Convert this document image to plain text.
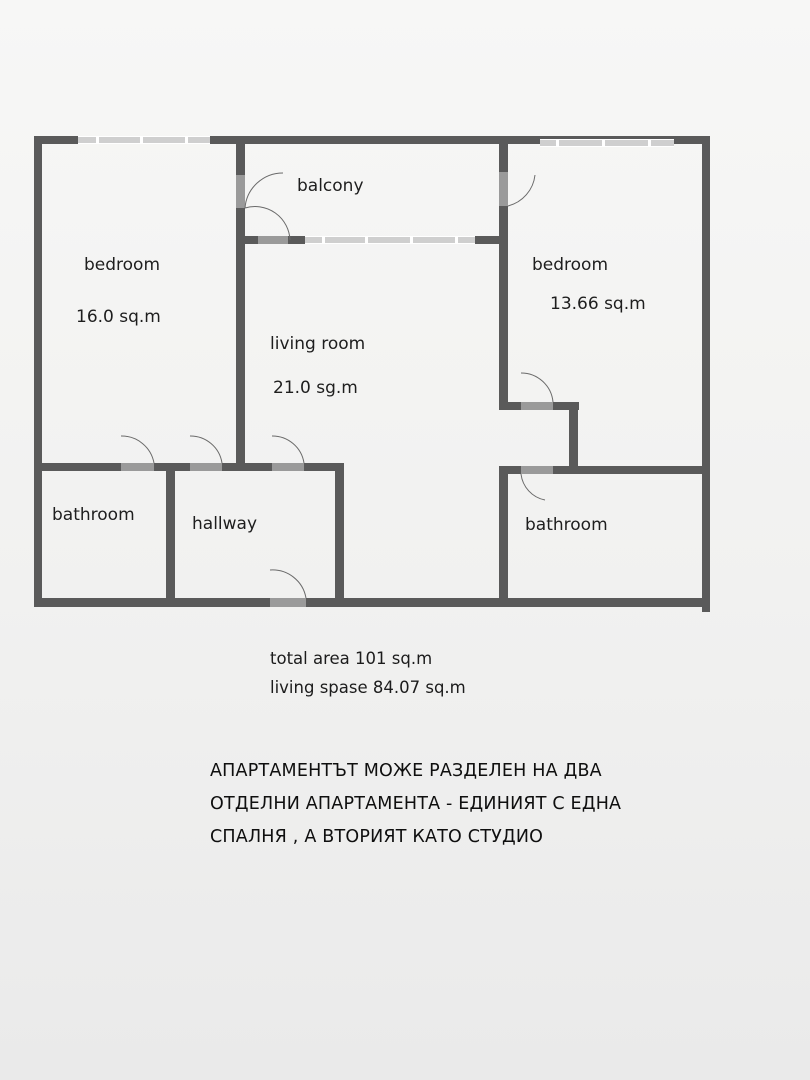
bedroom
16.0 sq.m
balcony
living room
21.0 sg.m
bedroom
13.66 sq.m
bathroom	hallway	bathroom
total area 101 sq.m
living spase 84.07 sq.m
АПАРТАМЕНТЪТ МОЖЕ РАЗДЕЛЕН НА ДВА
ОТДЕЛНИ АПАРТАМЕНТА - ЕДИНИЯТ С ЕДНА
СПАЛНЯ , А ВТОРИЯТ КАТО СТУДИО
